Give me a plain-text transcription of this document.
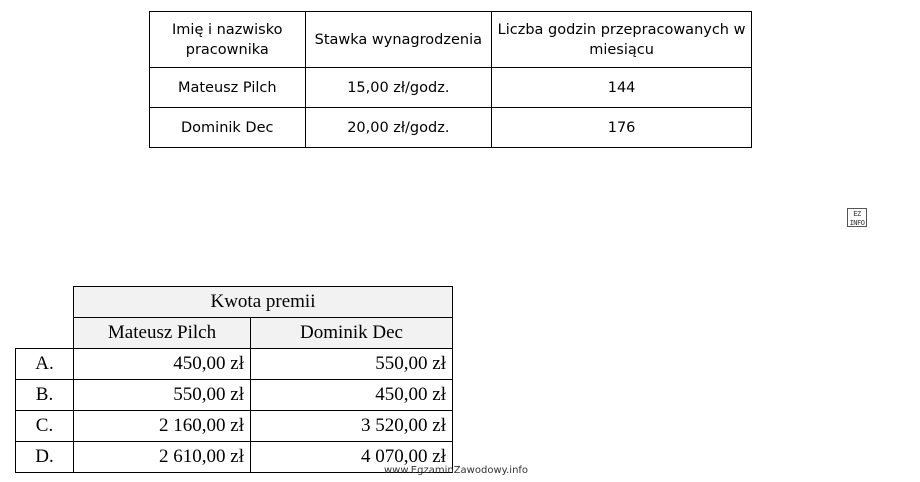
Imię i nazwisko pracownika	Stawka wynagrodzenia	Liczba godzin przepracowanych w miesiącu
Mateusz Pilch	15,00 zł/godz.	144
Dominik Dec	20,00 zł/godz.	176
EZ INFO
	Kwota premii	
	Mateusz Pilch	Dominik Dec
A.	450,00 zł	550,00 zł
B.	550,00 zł	450,00 zł
C.	2 160,00 zł	3 520,00 zł
D.	2 610,00 zł	4 070,00 zł
www.EgzaminZawodowy.info
